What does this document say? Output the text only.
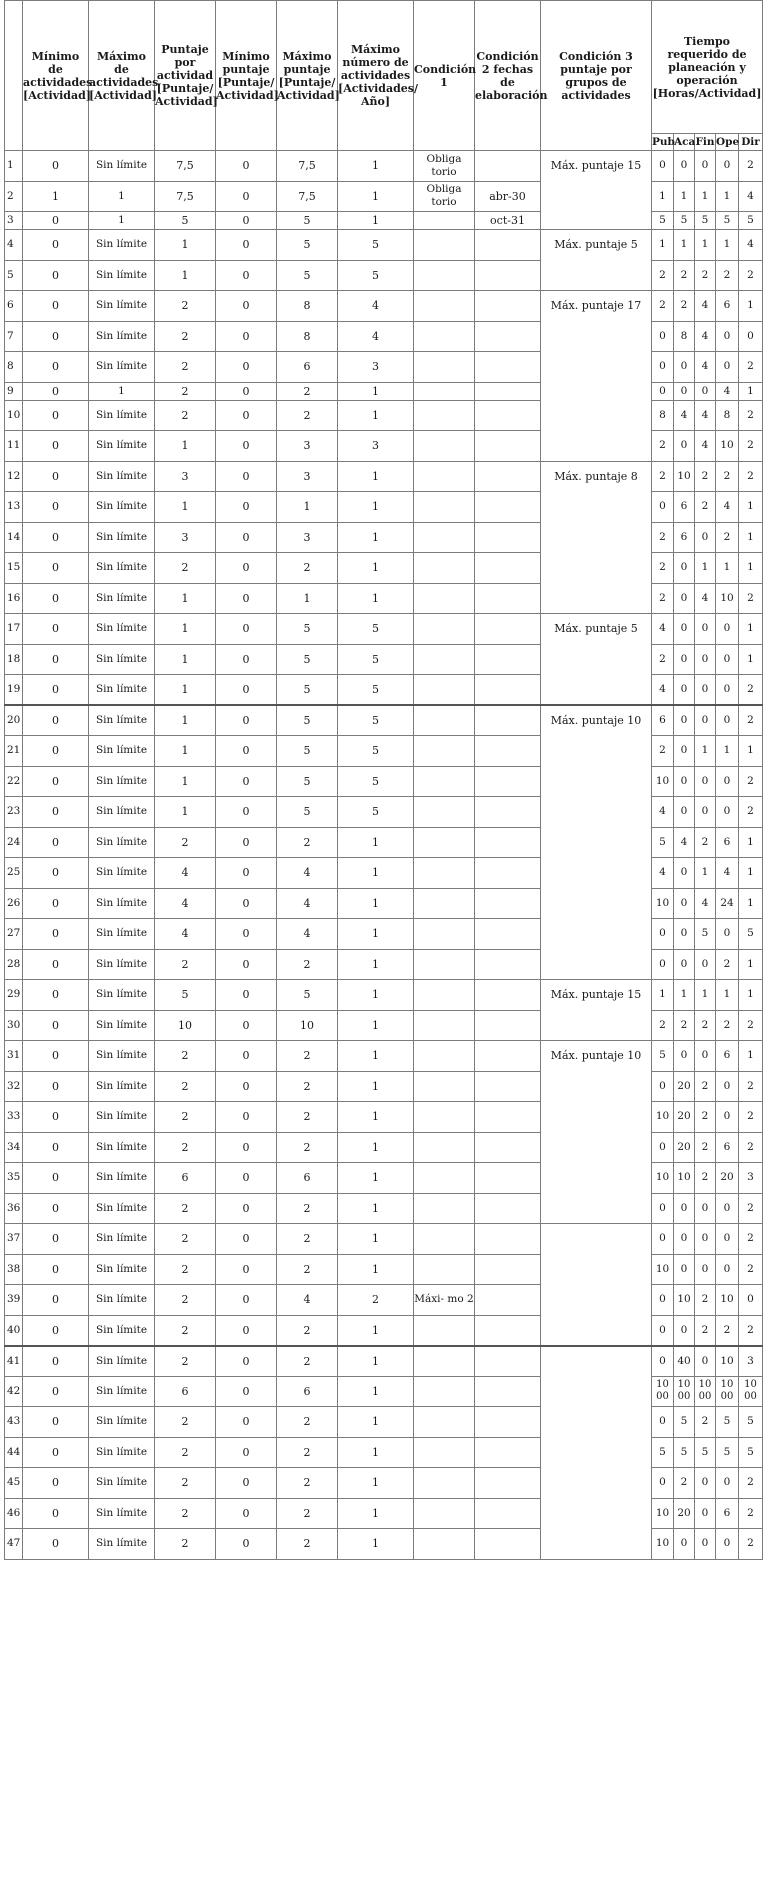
	Mínimo de actividades [Actividad]	Máximo de actividades [Actividad]	Puntaje por actividad [Puntaje/ Actividad]	Mínimo puntaje [Puntaje/ Actividad]	Máximo puntaje [Puntaje/ Actividad]	Máximo número de actividades [Actividades/ Año]	Condición 1	Condición 2 fechas de elaboración	Condición 3 puntaje por grupos de actividades	Tiempo requerido de planeación y operación [Horas/Actividad]				
										Pub	Aca	Fin	Ope	Dir
1	0	Sin límite	7,5	0	7,5	1	Obliga torio		Máx. puntaje 15	0	0	0	0	2
2	1	1	7,5	0	7,5	1	Obliga torio	abr-30		1	1	1	1	4
3	0	1	5	0	5	1		oct-31		5	5	5	5	5
4	0	Sin límite	1	0	5	5			Máx. puntaje 5	1	1	1	1	4
5	0	Sin límite	1	0	5	5				2	2	2	2	2
6	0	Sin límite	2	0	8	4			Máx. puntaje 17	2	2	4	6	1
7	0	Sin límite	2	0	8	4				0	8	4	0	0
8	0	Sin límite	2	0	6	3				0	0	4	0	2
9	0	1	2	0	2	1				0	0	0	4	1
10	0	Sin límite	2	0	2	1				8	4	4	8	2
11	0	Sin límite	1	0	3	3				2	0	4	10	2
12	0	Sin límite	3	0	3	1			Máx. puntaje 8	2	10	2	2	2
13	0	Sin límite	1	0	1	1				0	6	2	4	1
14	0	Sin límite	3	0	3	1				2	6	0	2	1
15	0	Sin límite	2	0	2	1				2	0	1	1	1
16	0	Sin límite	1	0	1	1				2	0	4	10	2
17	0	Sin límite	1	0	5	5			Máx. puntaje 5	4	0	0	0	1
18	0	Sin límite	1	0	5	5				2	0	0	0	1
19	0	Sin límite	1	0	5	5				4	0	0	0	2
20	0	Sin límite	1	0	5	5			Máx. puntaje 10	6	0	0	0	2
21	0	Sin límite	1	0	5	5				2	0	1	1	1
22	0	Sin límite	1	0	5	5				10	0	0	0	2
23	0	Sin límite	1	0	5	5				4	0	0	0	2
24	0	Sin límite	2	0	2	1				5	4	2	6	1
25	0	Sin límite	4	0	4	1				4	0	1	4	1
26	0	Sin límite	4	0	4	1				10	0	4	24	1
27	0	Sin límite	4	0	4	1				0	0	5	0	5
28	0	Sin límite	2	0	2	1				0	0	0	2	1
29	0	Sin límite	5	0	5	1			Máx. puntaje 15	1	1	1	1	1
30	0	Sin límite	10	0	10	1				2	2	2	2	2
31	0	Sin límite	2	0	2	1			Máx. puntaje 10	5	0	0	6	1
32	0	Sin límite	2	0	2	1				0	20	2	0	2
33	0	Sin límite	2	0	2	1				10	20	2	0	2
34	0	Sin límite	2	0	2	1				0	20	2	6	2
35	0	Sin límite	6	0	6	1				10	10	2	20	3
36	0	Sin límite	2	0	2	1				0	0	0	0	2
37	0	Sin límite	2	0	2	1				0	0	0	0	2
38	0	Sin límite	2	0	2	1				10	0	0	0	2
39	0	Sin límite	2	0	4	2	Máxi- mo 2			0	10	2	10	0
40	0	Sin límite	2	0	2	1				0	0	2	2	2
41	0	Sin límite	2	0	2	1				0	40	0	10	3
42	0	Sin límite	6	0	6	1				10 00	10 00	10 00	10 00	10 00
43	0	Sin límite	2	0	2	1				0	5	2	5	5
44	0	Sin límite	2	0	2	1				5	5	5	5	5
45	0	Sin límite	2	0	2	1				0	2	0	0	2
46	0	Sin límite	2	0	2	1				10	20	0	6	2
47	0	Sin límite	2	0	2	1				10	0	0	0	2
